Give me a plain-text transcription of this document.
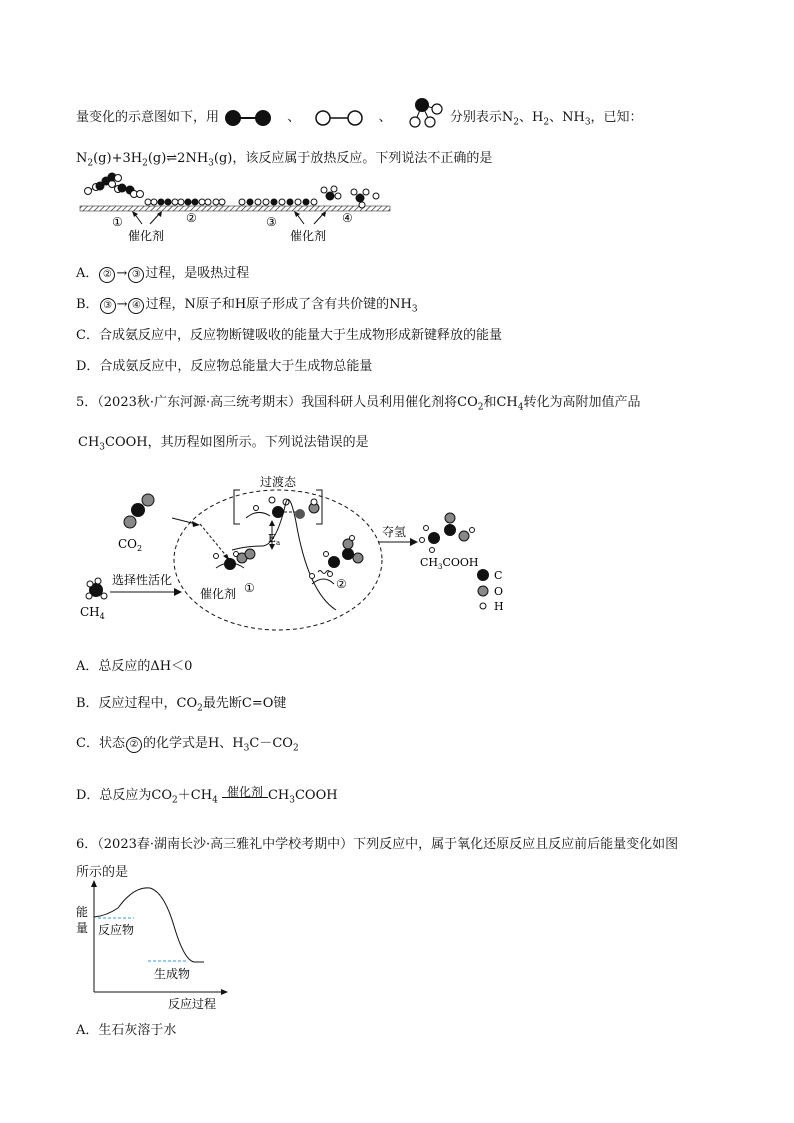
量变化的示意图如下，用	、	、	分别表示$N_2$、$H_2$、$NH_3$，已知：
$N_2(g)+3H_2(g)\rightleftharpoons 2NH_3(g)$，该反应属于放热反应。下列说法不正确的是
①	②	③	④
催化剂	催化剂
A． ② → ③ 过程，是吸热过程
B． ③ → ④ 过程，N原子和H原子形成了含有共价键的$NH_3$
C．合成氨反应中，反应物断键吸收的能量大于生成物形成新键释放的能量
D．合成氨反应中，反应物总能量大于生成物总能量
5．（2023秋·广东河源·高三统考期末）我国科研人员利用催化剂将$CO_2$和$CH_4$转化为高附加值产品
$CH_3COOH$，其历程如图所示。下列说法错误的是
过渡态
$CO_2$
$CH_4$
选择性活化
催化剂 ①
$E_a$
②
夺氢
$CH_3COOH$
C
O
H
A．总反应的ΔH＜0
B．反应过程中，$CO_2$最先断C=O键
C．状态 ② 的化学式是H、$H_3C-CO_2$
D．总反应为$CO_2+CH_4$
催化剂 $CH_3COOH$
6．（2023春·湖南长沙·高三雅礼中学校考期中）下列反应中，属于氧化还原反应且反应前后能量变化如图
所示的是
能
量 反应物
生成物
反应过程
A．生石灰溶于水
